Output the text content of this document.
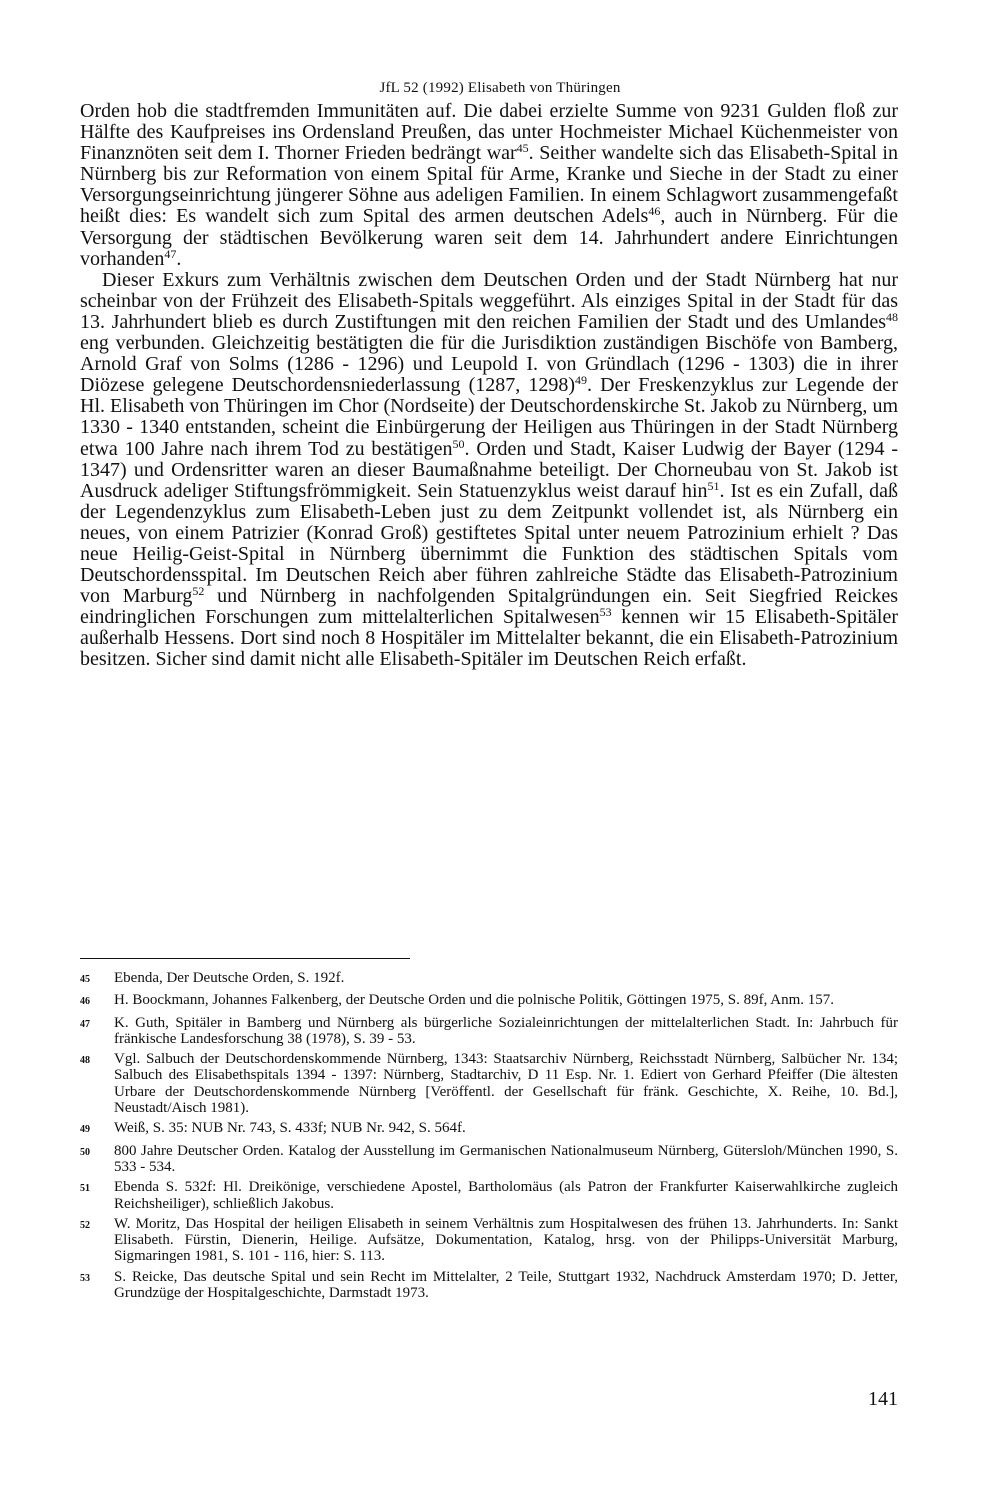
JfL 52 (1992) Elisabeth von Thüringen

Orden hob die stadtfremden Immunitäten auf. Die dabei erzielte Summe von 9231 Gulden floß zur Hälfte des Kaufpreises ins Ordensland Preußen, das unter Hochmeister Michael Küchenmeister von Finanznöten seit dem I. Thorner Frieden bedrängt war$^{45}$. Seither wandelte sich das Elisabeth-Spital in Nürnberg bis zur Reformation von einem Spital für Arme, Kranke und Sieche in der Stadt zu einer Versorgungseinrichtung jüngerer Söhne aus adeligen Familien. In einem Schlagwort zusammengefaßt heißt dies: Es wandelt sich zum Spital des armen deutschen Adels$^{46}$, auch in Nürnberg. Für die Versorgung der städtischen Bevölkerung waren seit dem 14. Jahrhundert andere Einrichtungen vorhanden$^{47}$.

Dieser Exkurs zum Verhältnis zwischen dem Deutschen Orden und der Stadt Nürnberg hat nur scheinbar von der Frühzeit des Elisabeth-Spitals weggeführt. Als einziges Spital in der Stadt für das 13. Jahrhundert blieb es durch Zustiftungen mit den reichen Familien der Stadt und des Umlandes$^{48}$ eng verbunden. Gleichzeitig bestätigten die für die Jurisdiktion zuständigen Bischöfe von Bamberg, Arnold Graf von Solms (1286 - 1296) und Leupold I. von Gründlach (1296 - 1303) die in ihrer Diözese gelegene Deutschordensniederlassung (1287, 1298)$^{49}$. Der Freskenzyklus zur Legende der Hl. Elisabeth von Thüringen im Chor (Nordseite) der Deutschordenskirche St. Jakob zu Nürnberg, um 1330 - 1340 entstanden, scheint die Einbürgerung der Heiligen aus Thüringen in der Stadt Nürnberg etwa 100 Jahre nach ihrem Tod zu bestätigen$^{50}$. Orden und Stadt, Kaiser Ludwig der Bayer (1294 - 1347) und Ordensritter waren an dieser Baumaßnahme beteiligt. Der Chorneubau von St. Jakob ist Ausdruck adeliger Stiftungsfrömmigkeit. Sein Statuenzyklus weist darauf hin$^{51}$. Ist es ein Zufall, daß der Legendenzyklus zum Elisabeth-Leben just zu dem Zeitpunkt vollendet ist, als Nürnberg ein neues, von einem Patrizier (Konrad Groß) gestiftetes Spital unter neuem Patrozinium erhielt ? Das neue Heilig-Geist-Spital in Nürnberg übernimmt die Funktion des städtischen Spitals vom Deutschordensspital. Im Deutschen Reich aber führen zahlreiche Städte das Elisabeth-Patrozinium von Marburg$^{52}$ und Nürnberg in nachfolgenden Spitalgründungen ein. Seit Siegfried Reickes eindringlichen Forschungen zum mittelalterlichen Spitalwesen$^{53}$ kennen wir 15 Elisabeth-Spitäler außerhalb Hessens. Dort sind noch 8 Hospitäler im Mittelalter bekannt, die ein Elisabeth-Patrozinium besitzen. Sicher sind damit nicht alle Elisabeth-Spitäler im Deutschen Reich erfaßt.

45	Ebenda, Der Deutsche Orden, S. 192f.
46	H. Boockmann, Johannes Falkenberg, der Deutsche Orden und die polnische Politik, Göttingen 1975, S. 89f, Anm. 157.
47	K. Guth, Spitäler in Bamberg und Nürnberg als bürgerliche Sozialeinrichtungen der mittelalterlichen Stadt. In: Jahrbuch für fränkische Landesforschung 38 (1978), S. 39 - 53.
48	Vgl. Salbuch der Deutschordenskommende Nürnberg, 1343: Staatsarchiv Nürnberg, Reichsstadt Nürnberg, Salbücher Nr. 134; Salbuch des Elisabethspitals 1394 - 1397: Nürnberg, Stadtarchiv, D 11 Esp. Nr. 1. Ediert von Gerhard Pfeiffer (Die ältesten Urbare der Deutschordenskommende Nürnberg [Veröffentl. der Gesellschaft für fränk. Geschichte, X. Reihe, 10. Bd.], Neustadt/Aisch 1981).
49	Weiß, S. 35: NUB Nr. 743, S. 433f; NUB Nr. 942, S. 564f.
50	800 Jahre Deutscher Orden. Katalog der Ausstellung im Germanischen Nationalmuseum Nürnberg, Gütersloh/München 1990, S. 533 - 534.
51	Ebenda S. 532f: Hl. Dreikönige, verschiedene Apostel, Bartholomäus (als Patron der Frankfurter Kaiserwahlkirche zugleich Reichsheiliger), schließlich Jakobus.
52	W. Moritz, Das Hospital der heiligen Elisabeth in seinem Verhältnis zum Hospitalwesen des frühen 13. Jahrhunderts. In: Sankt Elisabeth. Fürstin, Dienerin, Heilige. Aufsätze, Dokumentation, Katalog, hrsg. von der Philipps-Universität Marburg, Sigmaringen 1981, S. 101 - 116, hier: S. 113.
53	S. Reicke, Das deutsche Spital und sein Recht im Mittelalter, 2 Teile, Stuttgart 1932, Nachdruck Amsterdam 1970; D. Jetter, Grundzüge der Hospitalgeschichte, Darmstadt 1973.
141
